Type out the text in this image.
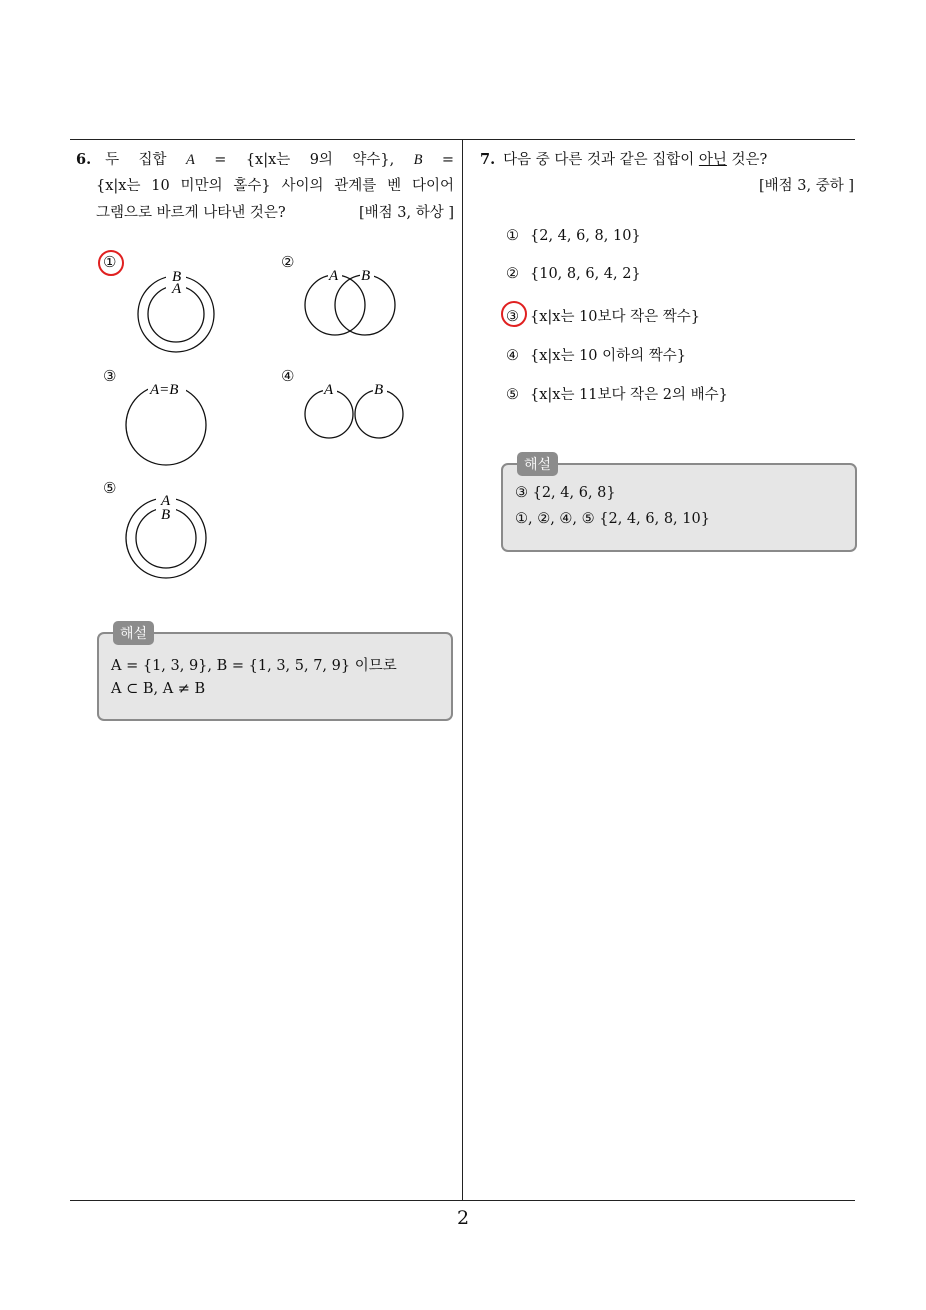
6. 두 집합 A = {x|x는 9의 약수}, B =
{x|x는 10 미만의 홀수} 사이의 관계를 벤 다이어
그램으로 바르게 나타낸 것은?	[배점 3, 하상 ]
①
B
A
②
A B
③
A=B
④
A	B
⑤
A
B
A = {1, 3, 9}, B = {1, 3, 5, 7, 9} 이므로
A ⊂ B, A ≠ B
해설
7. 다음 중 다른 것과 같은 집합이 아닌 것은?
[배점 3, 중하 ]
① {2, 4, 6, 8, 10}
② {10, 8, 6, 4, 2}
③ {x|x는 10보다 작은 짝수}
④ {x|x는 10 이하의 짝수}
⑤ {x|x는 11보다 작은 2의 배수}
③ {2, 4, 6, 8}
①, ②, ④, ⑤ {2, 4, 6, 8, 10}
해설
2
